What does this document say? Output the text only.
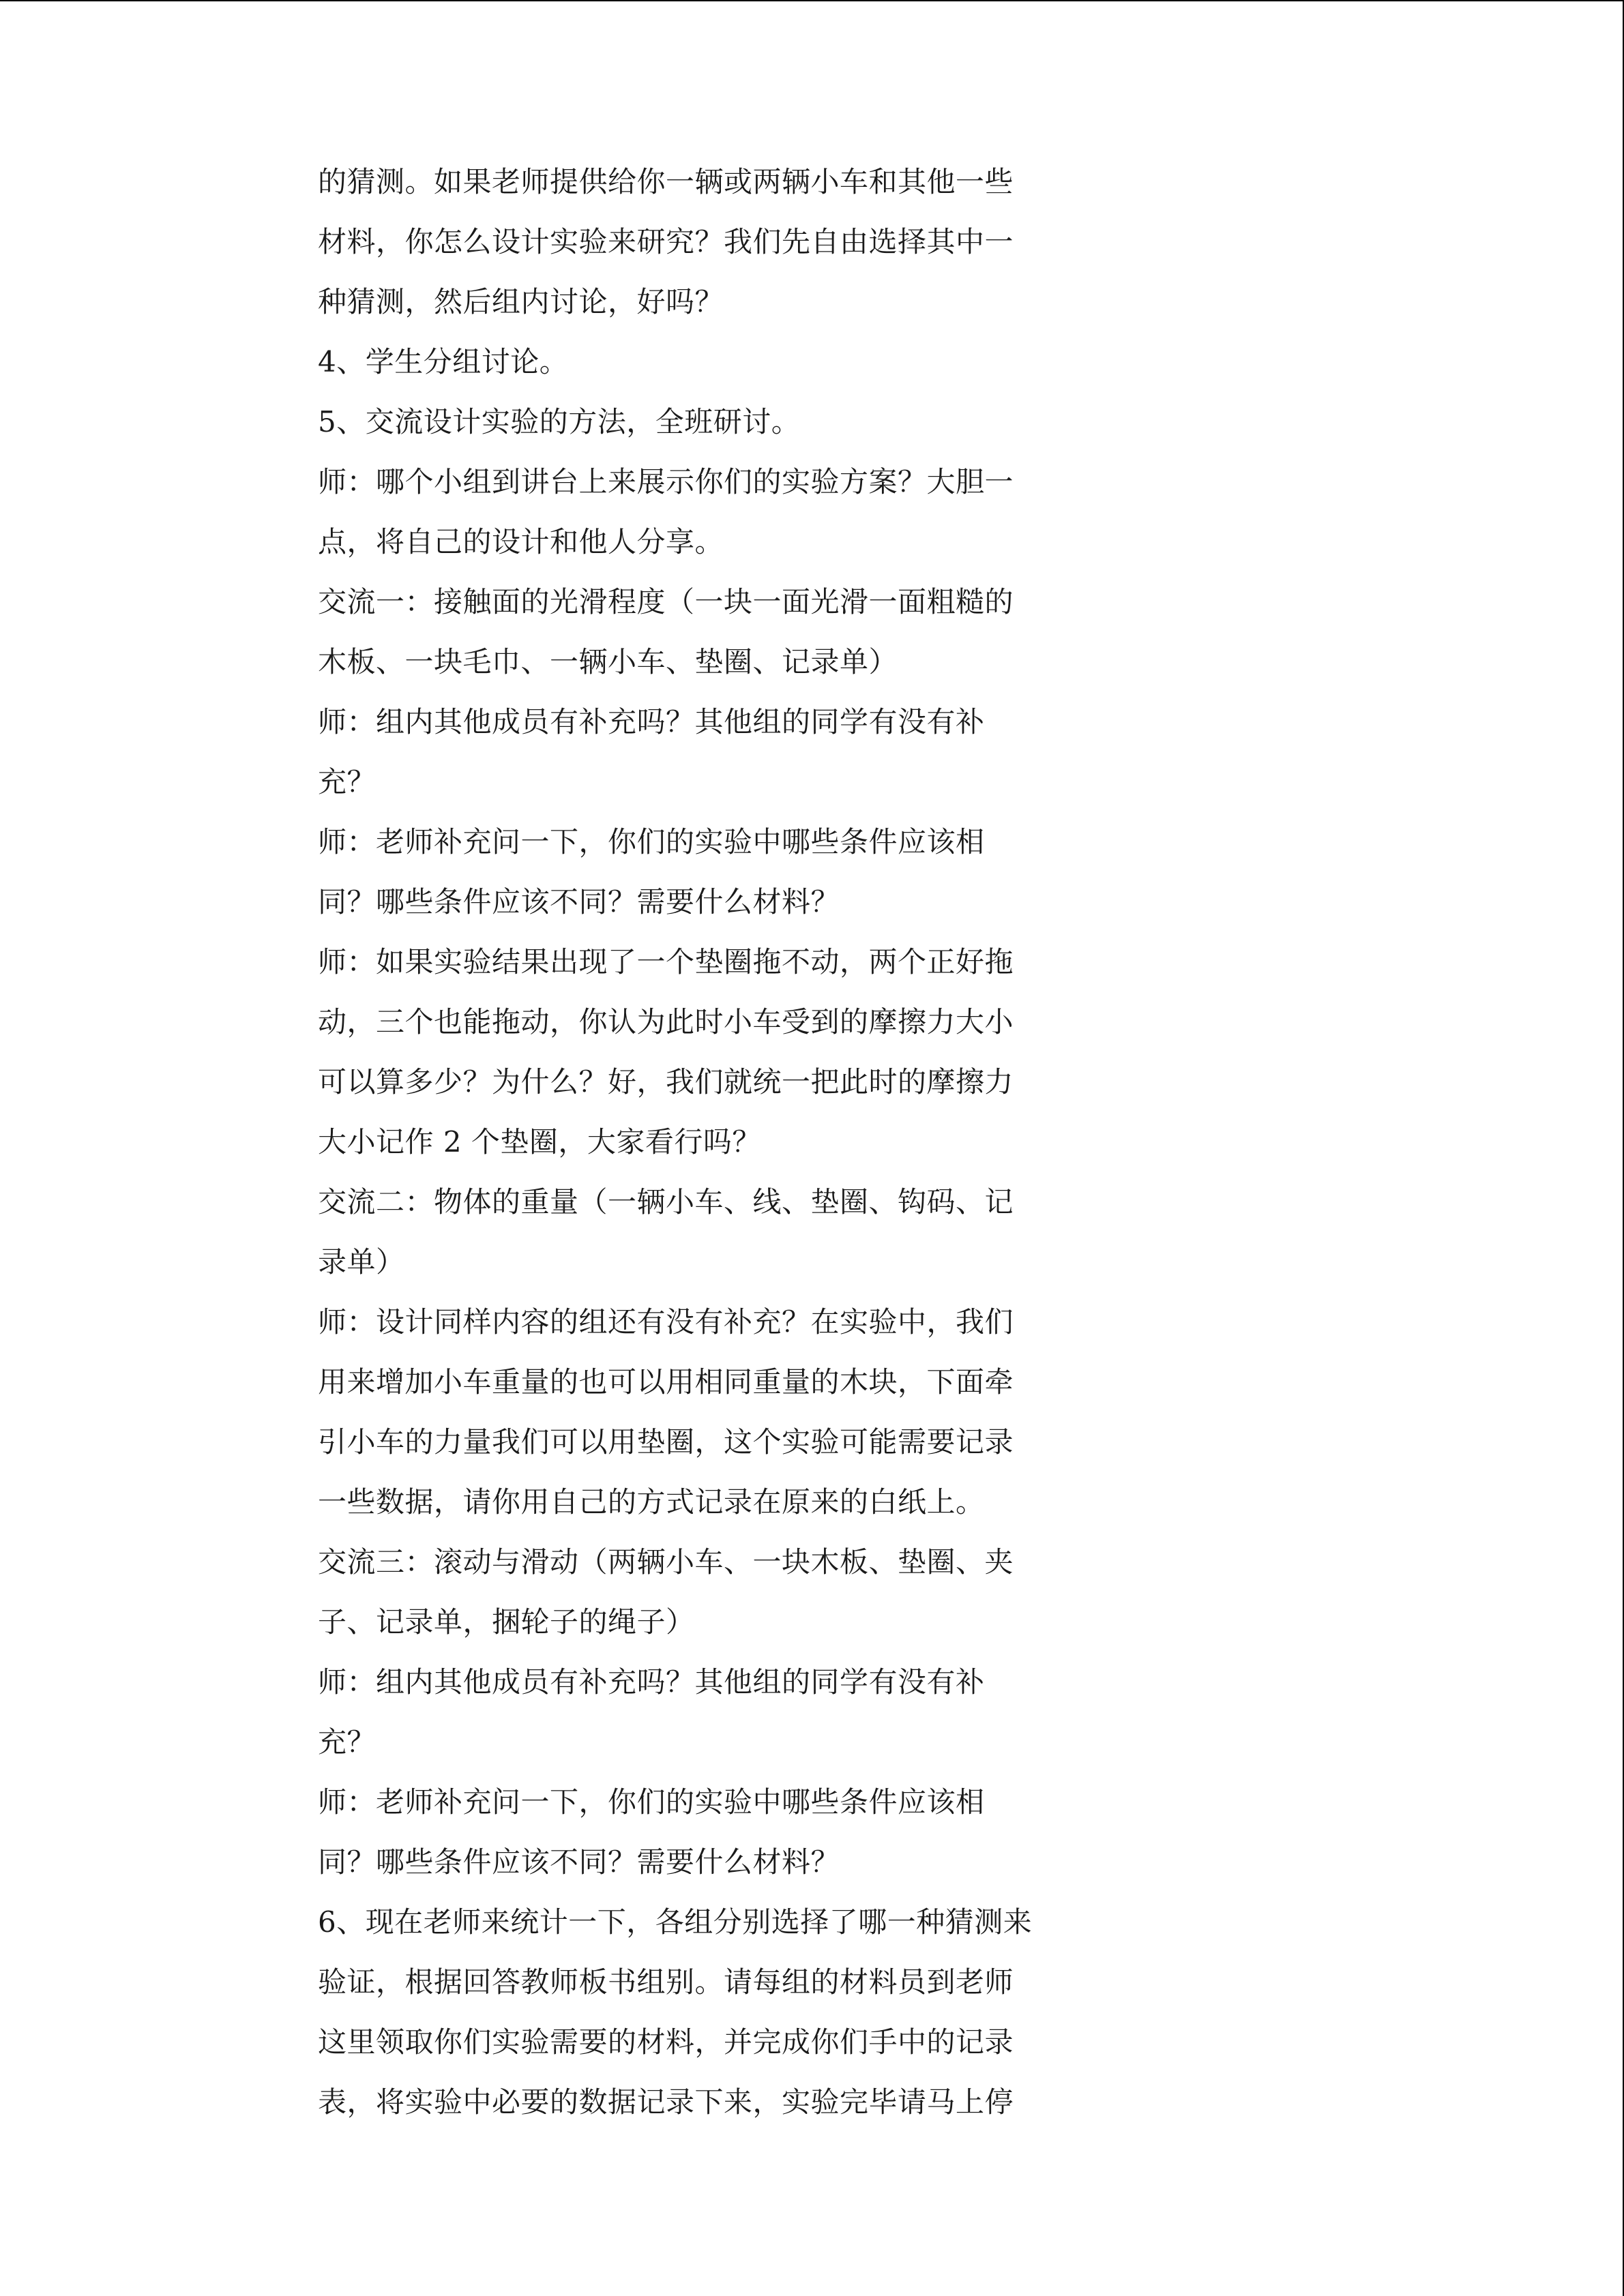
的猜测。如果老师提供给你一辆或两辆小车和其他一些
材料，你怎么设计实验来研究？我们先自由选择其中一
种猜测，然后组内讨论，好吗？
4、学生分组讨论。
5、交流设计实验的方法，全班研讨。
师：哪个小组到讲台上来展示你们的实验方案？大胆一
点，将自己的设计和他人分享。
交流一：接触面的光滑程度（一块一面光滑一面粗糙的
木板、一块毛巾、一辆小车、垫圈、记录单）
师：组内其他成员有补充吗？其他组的同学有没有补
充？
师：老师补充问一下，你们的实验中哪些条件应该相
同？哪些条件应该不同？需要什么材料？
师：如果实验结果出现了一个垫圈拖不动，两个正好拖
动，三个也能拖动，你认为此时小车受到的摩擦力大小
可以算多少？为什么？好，我们就统一把此时的摩擦力
大小记作 2 个垫圈，大家看行吗？
交流二：物体的重量（一辆小车、线、垫圈、钩码、记
录单）
师：设计同样内容的组还有没有补充？在实验中，我们
用来增加小车重量的也可以用相同重量的木块，下面牵
引小车的力量我们可以用垫圈，这个实验可能需要记录
一些数据，请你用自己的方式记录在原来的白纸上。
交流三：滚动与滑动（两辆小车、一块木板、垫圈、夹
子、记录单，捆轮子的绳子）
师：组内其他成员有补充吗？其他组的同学有没有补
充？
师：老师补充问一下，你们的实验中哪些条件应该相
同？哪些条件应该不同？需要什么材料？
6、现在老师来统计一下，各组分别选择了哪一种猜测来
验证，根据回答教师板书组别。请每组的材料员到老师
这里领取你们实验需要的材料，并完成你们手中的记录
表，将实验中必要的数据记录下来，实验完毕请马上停
